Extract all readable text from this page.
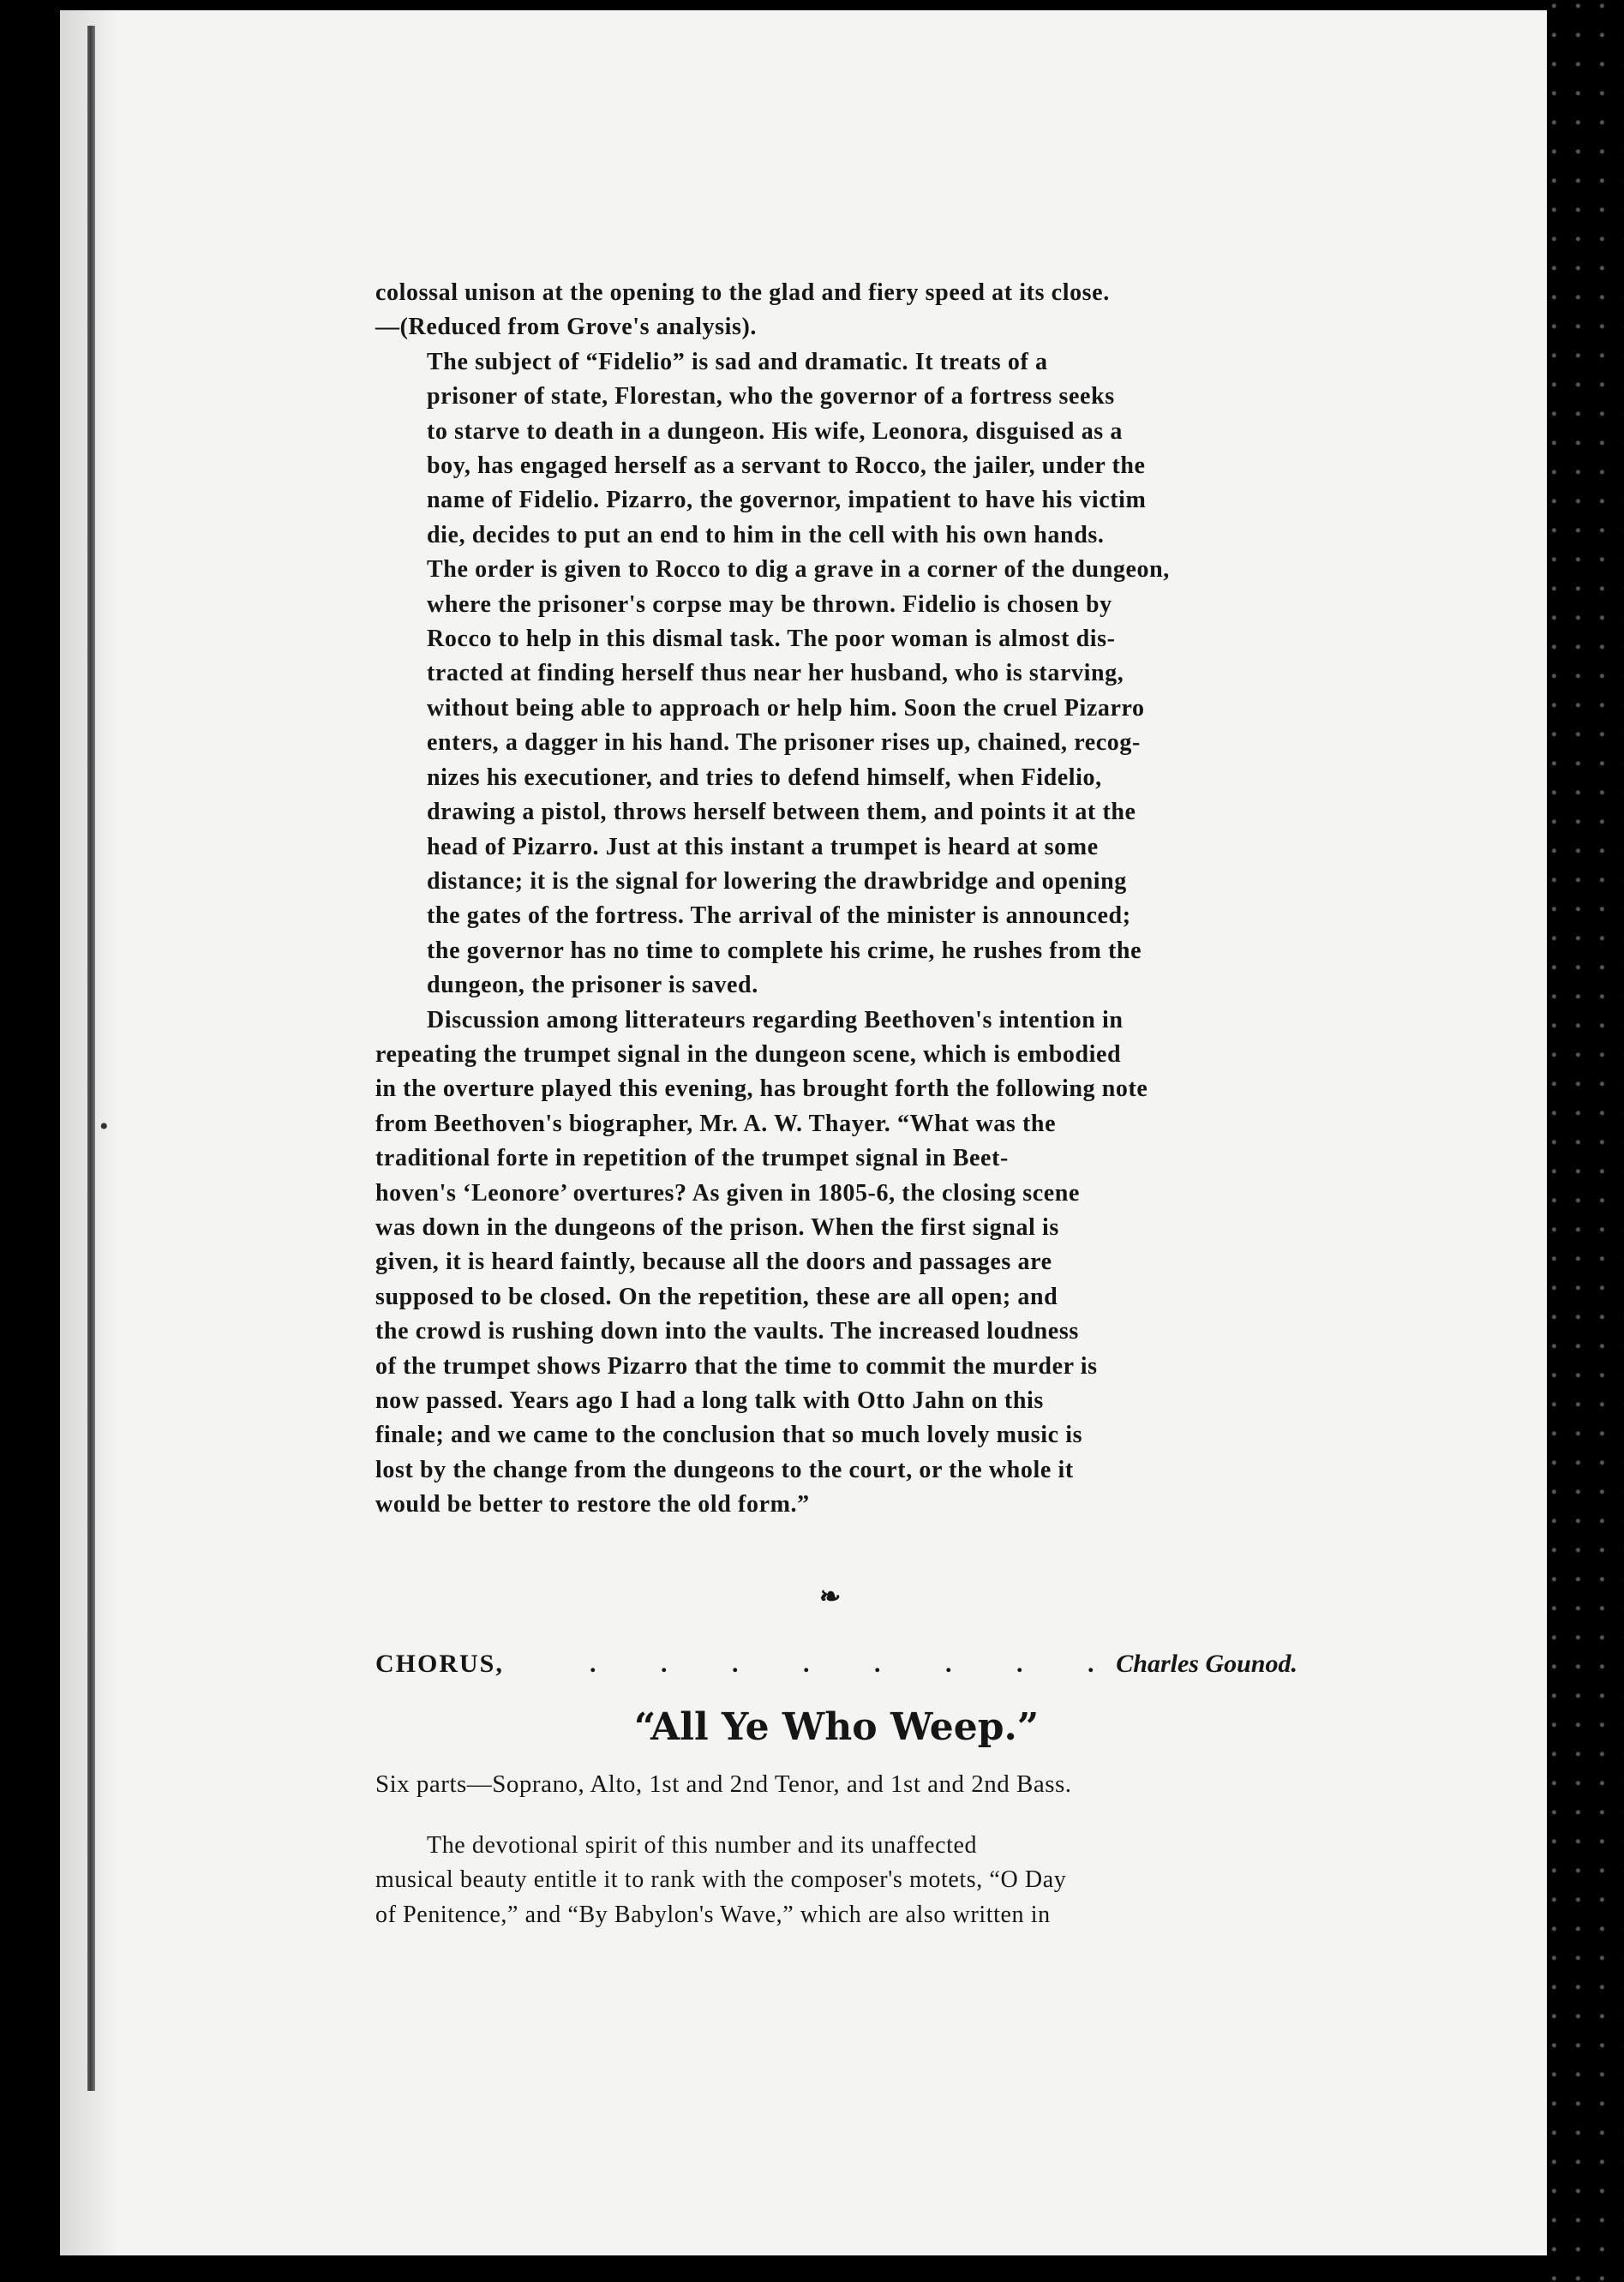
•
colossal unison at the opening to the glad and fiery speed at its close.
—(Reduced from Grove's analysis).
The subject of “Fidelio” is sad and dramatic. It treats of a
prisoner of state, Florestan, who the governor of a fortress seeks
to starve to death in a dungeon. His wife, Leonora, disguised as a
boy, has engaged herself as a servant to Rocco, the jailer, under the
name of Fidelio. Pizarro, the governor, impatient to have his victim
die, decides to put an end to him in the cell with his own hands.
The order is given to Rocco to dig a grave in a corner of the dungeon,
where the prisoner's corpse may be thrown. Fidelio is chosen by
Rocco to help in this dismal task. The poor woman is almost dis-
tracted at finding herself thus near her husband, who is starving,
without being able to approach or help him. Soon the cruel Pizarro
enters, a dagger in his hand. The prisoner rises up, chained, recog-
nizes his executioner, and tries to defend himself, when Fidelio,
drawing a pistol, throws herself between them, and points it at the
head of Pizarro. Just at this instant a trumpet is heard at some
distance; it is the signal for lowering the drawbridge and opening
the gates of the fortress. The arrival of the minister is announced;
the governor has no time to complete his crime, he rushes from the
dungeon, the prisoner is saved.
Discussion among litterateurs regarding Beethoven's intention in
repeating the trumpet signal in the dungeon scene, which is embodied
in the overture played this evening, has brought forth the following note
from Beethoven's biographer, Mr. A. W. Thayer. “What was the
traditional forte in repetition of the trumpet signal in Beet-
hoven's ‘Leonore’ overtures? As given in 1805-6, the closing scene
was down in the dungeons of the prison. When the first signal is
given, it is heard faintly, because all the doors and passages are
supposed to be closed. On the repetition, these are all open; and
the crowd is rushing down into the vaults. The increased loudness
of the trumpet shows Pizarro that the time to commit the murder is
now passed. Years ago I had a long talk with Otto Jahn on this
finale; and we came to the conclusion that so much lovely music is
lost by the change from the dungeons to the court, or the whole it
would be better to restore the old form.”
❧
CHORUS,	. . . . . . . .
Charles Gounod.
“All Ye Who Weep.”
Six parts—Soprano, Alto, 1st and 2nd Tenor, and 1st and 2nd Bass.
The devotional spirit of this number and its unaffected
musical beauty entitle it to rank with the composer's motets, “O Day
of Penitence,” and “By Babylon's Wave,” which are also written in
